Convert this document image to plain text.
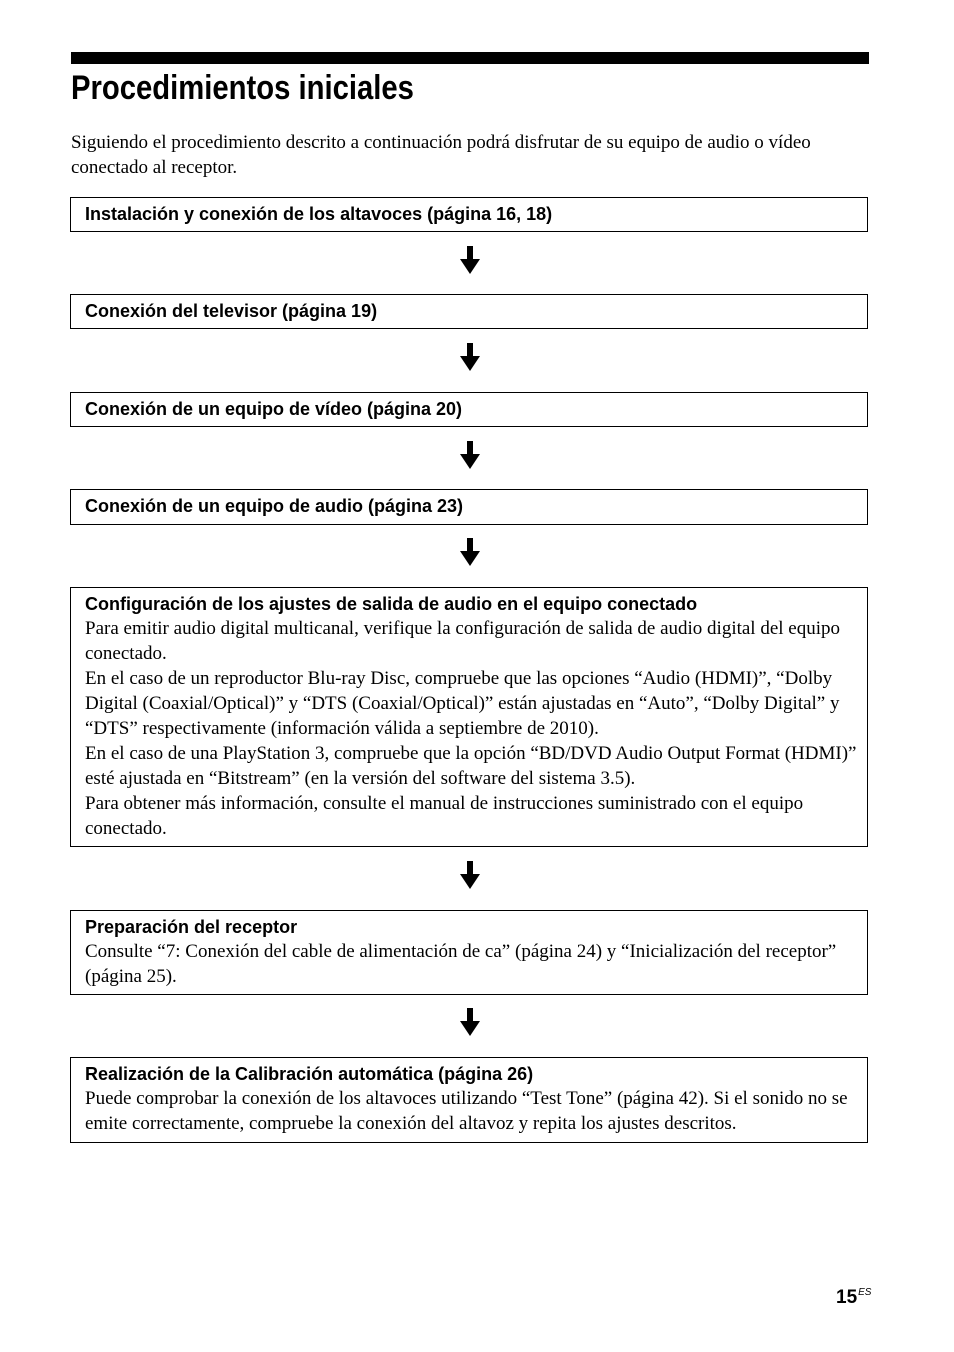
Procedimientos iniciales

Siguiendo el procedimiento descrito a continuación podrá disfrutar de su equipo de audio o vídeo conectado al receptor.

Instalación y conexión de los altavoces (página 16, 18)
Conexión del televisor (página 19)
Conexión de un equipo de vídeo (página 20)
Conexión de un equipo de audio (página 23)
Configuración de los ajustes de salida de audio en el equipo conectado

Para emitir audio digital multicanal, verifique la configuración de salida de audio digital del equipo conectado.

En el caso de un reproductor Blu-ray Disc, compruebe que las opciones “Audio (HDMI)”, “Dolby Digital (Coaxial/Optical)” y “DTS (Coaxial/Optical)” están ajustadas en “Auto”, “Dolby Digital” y “DTS” respectivamente (información válida a septiembre de 2010).

En el caso de una PlayStation 3, compruebe que la opción “BD/DVD Audio Output Format (HDMI)” esté ajustada en “Bitstream” (en la versión del software del sistema 3.5).

Para obtener más información, consulte el manual de instrucciones suministrado con el equipo conectado.

Preparación del receptor

Consulte “7: Conexión del cable de alimentación de ca” (página 24) y “Inicialización del receptor” (página 25).

Realización de la Calibración automática (página 26)

Puede comprobar la conexión de los altavoces utilizando “Test Tone” (página 42). Si el sonido no se emite correctamente, compruebe la conexión del altavoz y repita los ajustes descritos.

$15^{ES}$
